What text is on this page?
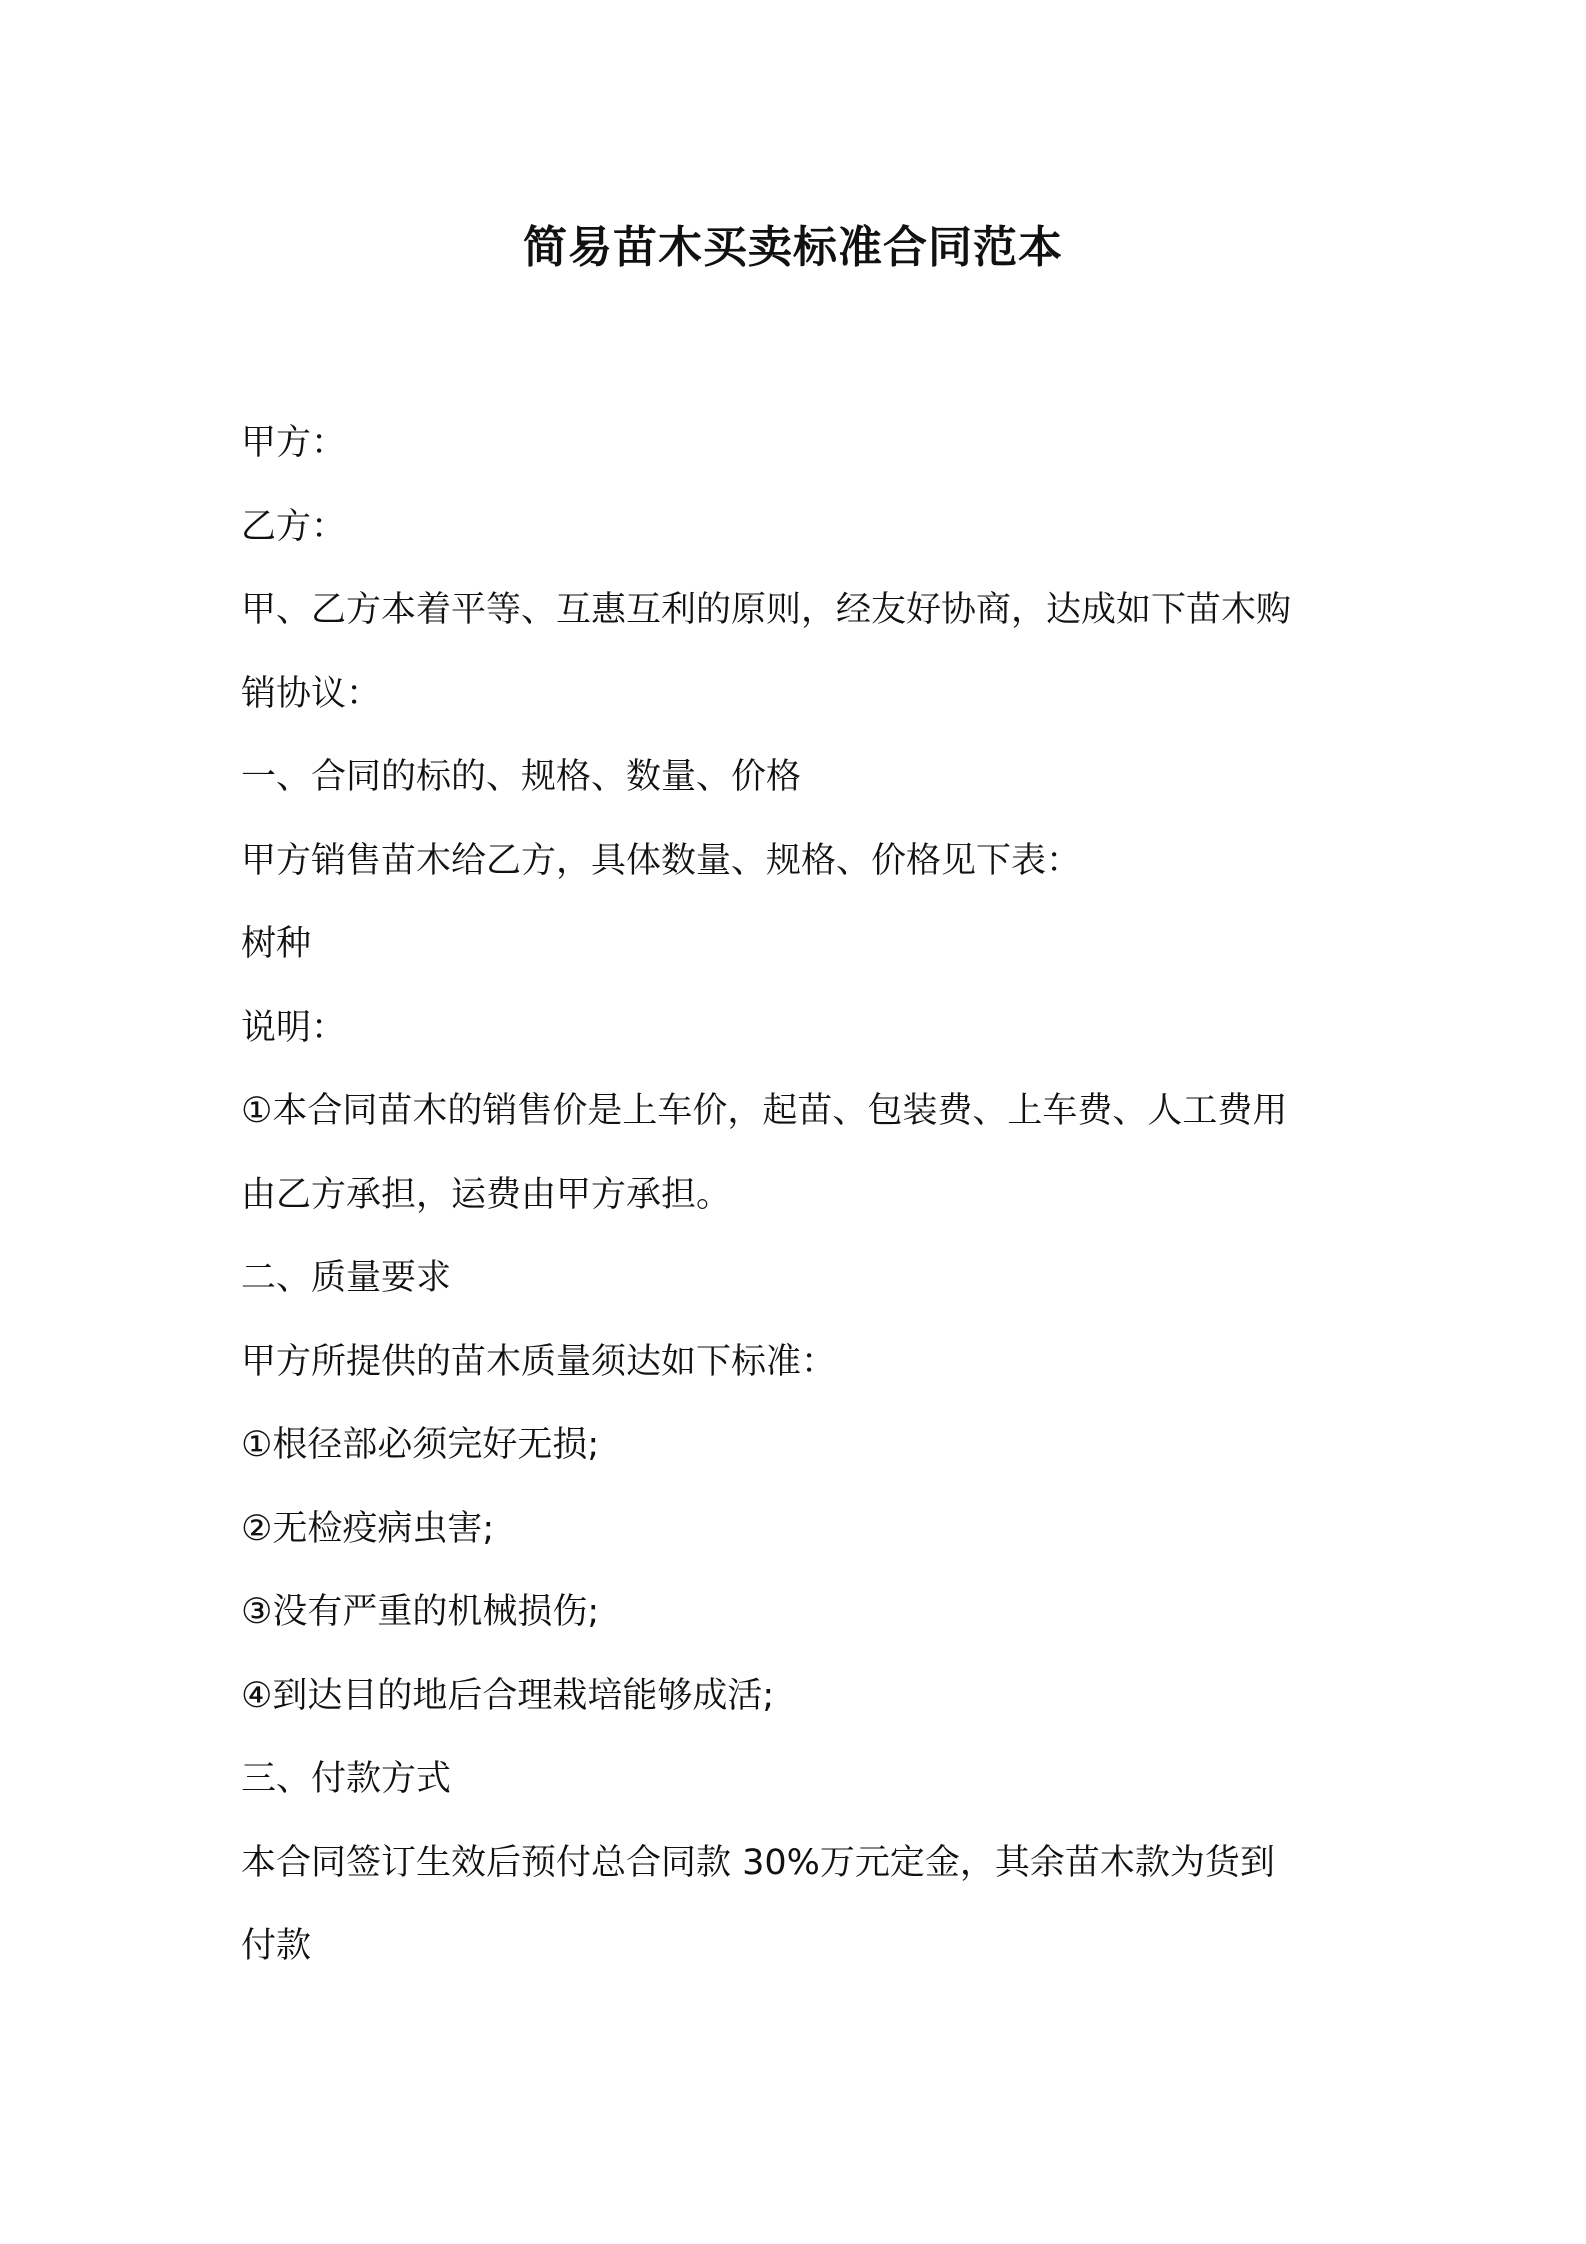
简易苗木买卖标准合同范本

甲方：

乙方：

甲、乙方本着平等、互惠互利的原则，经友好协商，达成如下苗木购

销协议：

一、合同的标的、规格、数量、价格

甲方销售苗木给乙方，具体数量、规格、价格见下表：

树种

说明：

①本合同苗木的销售价是上车价，起苗、包装费、上车费、人工费用

由乙方承担，运费由甲方承担。

二、质量要求

甲方所提供的苗木质量须达如下标准：

①根径部必须完好无损;

②无检疫病虫害;

③没有严重的机械损伤;

④到达目的地后合理栽培能够成活;

三、付款方式

本合同签订生效后预付总合同款 30%万元定金，其余苗木款为货到

付款
